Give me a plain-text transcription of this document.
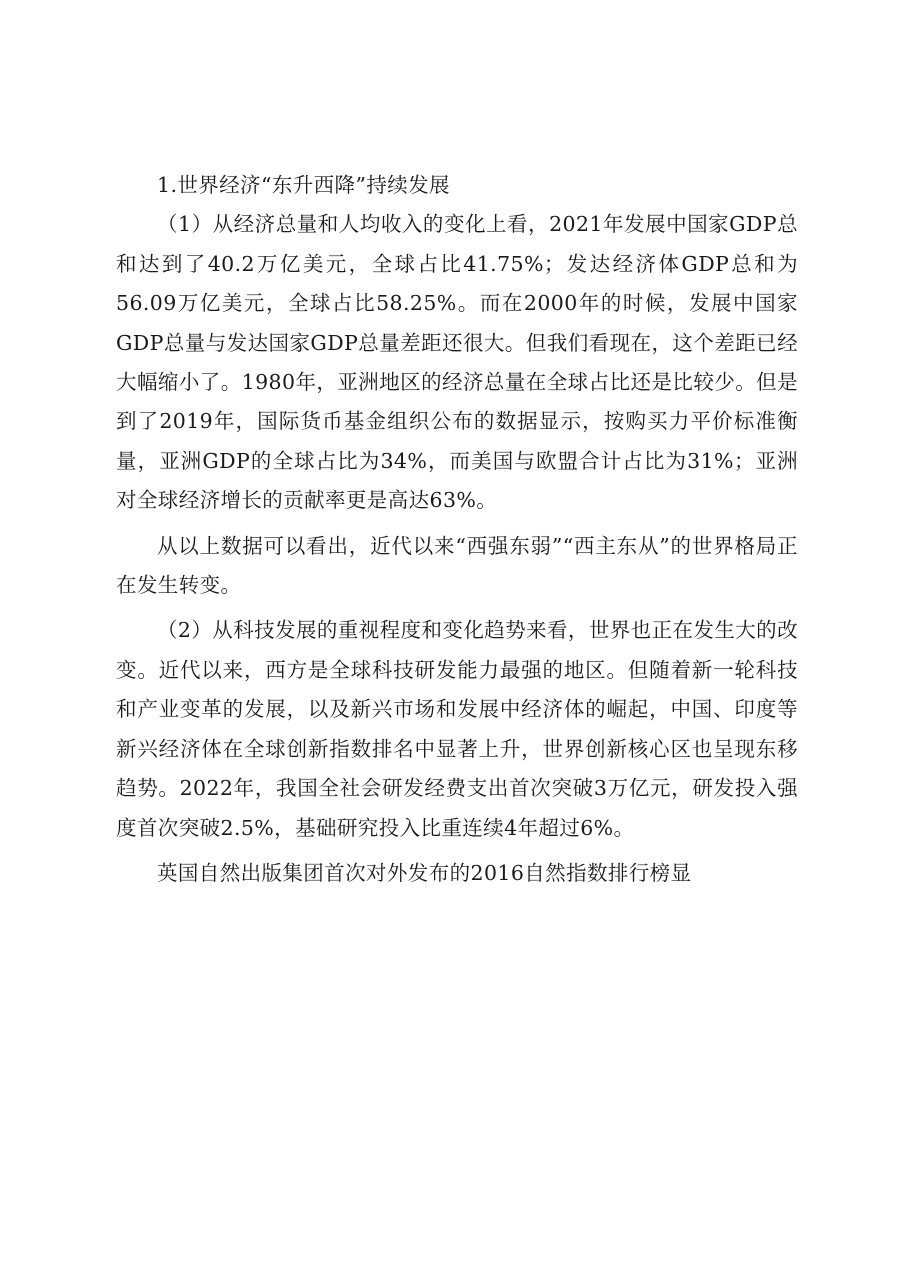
1.世界经济“东升西降”持续发展

（1）从经济总量和人均收入的变化上看，2021年发展中国家GDP总和达到了40.2万亿美元，全球占比41.75%；发达经济体GDP总和为56.09万亿美元，全球占比58.25%。而在2000年的时候，发展中国家GDP总量与发达国家GDP总量差距还很大。但我们看现在，这个差距已经大幅缩小了。1980年，亚洲地区的经济总量在全球占比还是比较少。但是到了2019年，国际货币基金组织公布的数据显示，按购买力平价标准衡量，亚洲GDP的全球占比为34%，而美国与欧盟合计占比为31%；亚洲对全球经济增长的贡献率更是高达63%。

从以上数据可以看出，近代以来“西强东弱”“西主东从”的世界格局正在发生转变。

（2）从科技发展的重视程度和变化趋势来看，世界也正在发生大的改变。近代以来，西方是全球科技研发能力最强的地区。但随着新一轮科技和产业变革的发展，以及新兴市场和发展中经济体的崛起，中国、印度等新兴经济体在全球创新指数排名中显著上升，世界创新核心区也呈现东移趋势。2022年，我国全社会研发经费支出首次突破3万亿元，研发投入强度首次突破2.5%，基础研究投入比重连续4年超过6%。

英国自然出版集团首次对外发布的2016自然指数排行榜显
